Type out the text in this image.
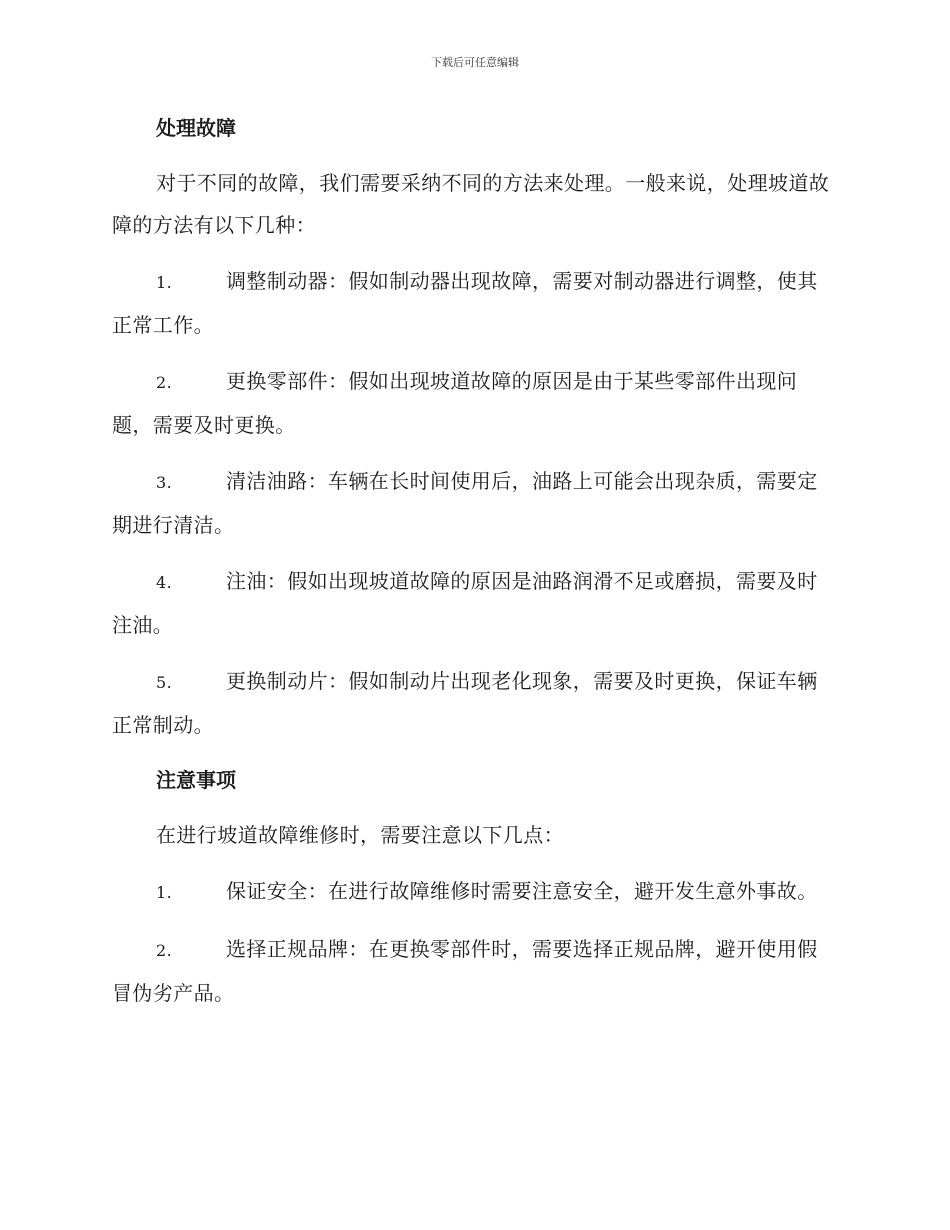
下载后可任意编辑
处理故障
对于不同的故障，我们需要采纳不同的方法来处理。一般来说，处理坡道故障的方法有以下几种：
1.	调整制动器：假如制动器出现故障，需要对制动器进行调整，使其正常工作。
2.	更换零部件：假如出现坡道故障的原因是由于某些零部件出现问题，需要及时更换。
3.	清洁油路：车辆在长时间使用后，油路上可能会出现杂质，需要定期进行清洁。
4.	注油：假如出现坡道故障的原因是油路润滑不足或磨损，需要及时注油。
5.	更换制动片：假如制动片出现老化现象，需要及时更换，保证车辆正常制动。
注意事项
在进行坡道故障维修时，需要注意以下几点：
1.	保证安全：在进行故障维修时需要注意安全，避开发生意外事故。
2.	选择正规品牌：在更换零部件时，需要选择正规品牌，避开使用假冒伪劣产品。
